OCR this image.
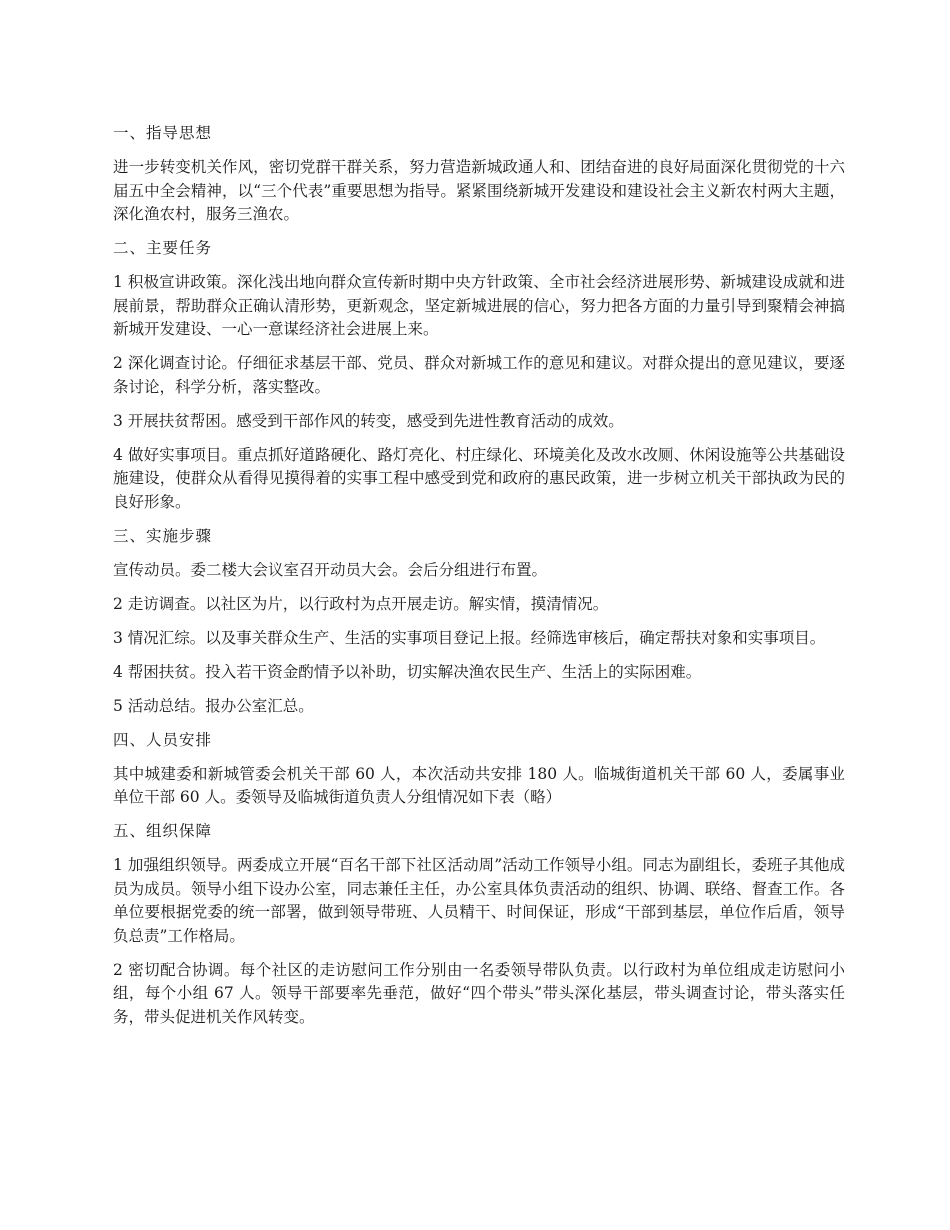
一、指导思想
进一步转变机关作风，密切党群干群关系，努力营造新城政通人和、团结奋进的良好局面深化贯彻党的十六届五中全会精神，以“三个代表”重要思想为指导。紧紧围绕新城开发建设和建设社会主义新农村两大主题，深化渔农村，服务三渔农。
二、主要任务
1 积极宣讲政策。深化浅出地向群众宣传新时期中央方针政策、全市社会经济进展形势、新城建设成就和进展前景，帮助群众正确认清形势，更新观念，坚定新城进展的信心，努力把各方面的力量引导到聚精会神搞新城开发建设、一心一意谋经济社会进展上来。
2 深化调查讨论。仔细征求基层干部、党员、群众对新城工作的意见和建议。对群众提出的意见建议，要逐条讨论，科学分析，落实整改。
3 开展扶贫帮困。感受到干部作风的转变，感受到先进性教育活动的成效。
4 做好实事项目。重点抓好道路硬化、路灯亮化、村庄绿化、环境美化及改水改厕、休闲设施等公共基础设施建设，使群众从看得见摸得着的实事工程中感受到党和政府的惠民政策，进一步树立机关干部执政为民的良好形象。
三、实施步骤
宣传动员。委二楼大会议室召开动员大会。会后分组进行布置。
2 走访调查。以社区为片，以行政村为点开展走访。解实情，摸清情况。
3 情况汇综。以及事关群众生产、生活的实事项目登记上报。经筛选审核后，确定帮扶对象和实事项目。
4 帮困扶贫。投入若干资金酌情予以补助，切实解决渔农民生产、生活上的实际困难。
5 活动总结。报办公室汇总。
四、人员安排
其中城建委和新城管委会机关干部 60 人，本次活动共安排 180 人。临城街道机关干部 60 人，委属事业单位干部 60 人。委领导及临城街道负责人分组情况如下表（略）
五、组织保障
1 加强组织领导。两委成立开展“百名干部下社区活动周”活动工作领导小组。同志为副组长，委班子其他成员为成员。领导小组下设办公室，同志兼任主任，办公室具体负责活动的组织、协调、联络、督查工作。各单位要根据党委的统一部署，做到领导带班、人员精干、时间保证，形成“干部到基层，单位作后盾，领导负总责”工作格局。
2 密切配合协调。每个社区的走访慰问工作分别由一名委领导带队负责。以行政村为单位组成走访慰问小组，每个小组 67 人。领导干部要率先垂范，做好“四个带头”带头深化基层，带头调查讨论，带头落实任务，带头促进机关作风转变。
